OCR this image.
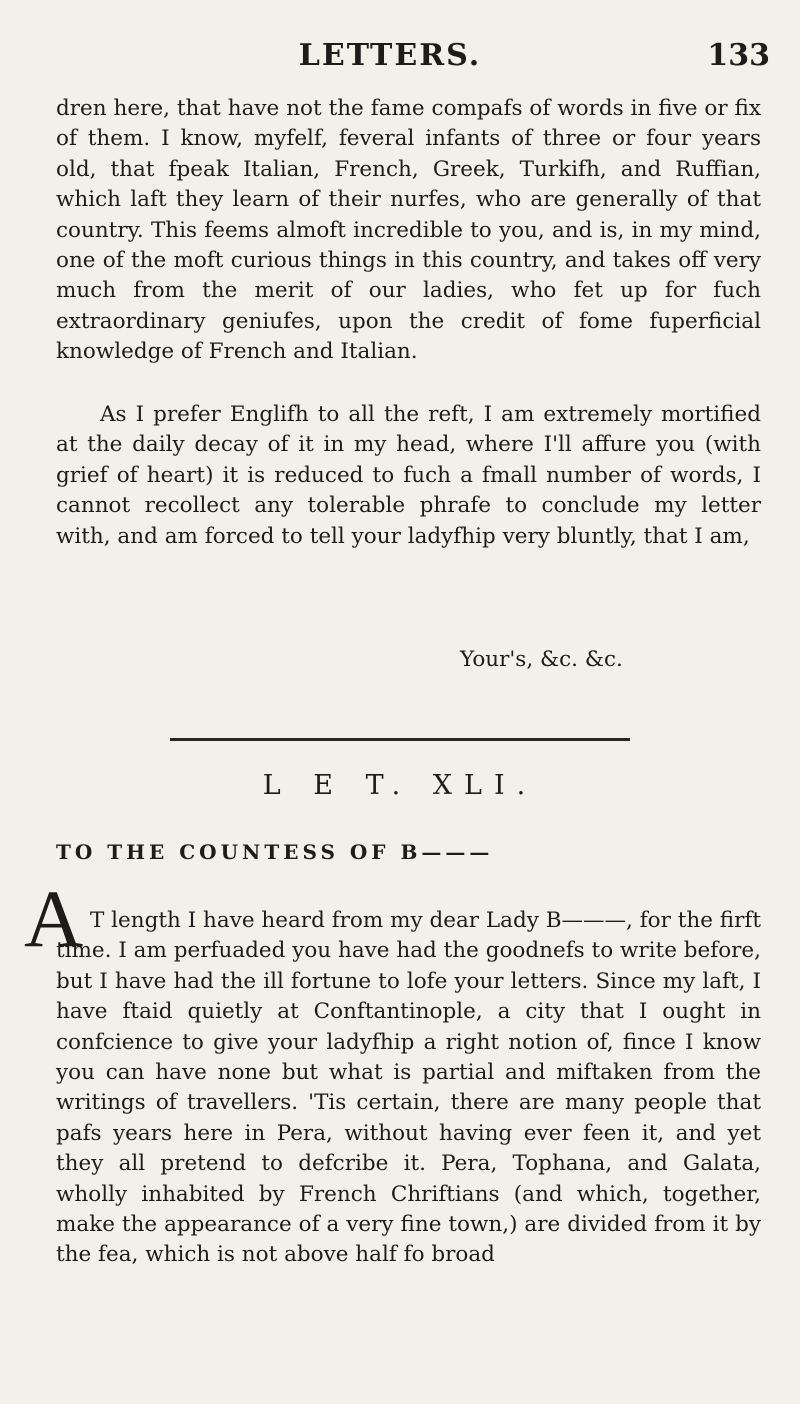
LETTERS.	133

dren here, that have not the fame compafs of words in five or fix of them. I know, myfelf, feveral infants of three or four years old, that fpeak Italian, French, Greek, Turkifh, and Ruffian, which laft they learn of their nurfes, who are generally of that country. This feems almoft incredible to you, and is, in my mind, one of the moft curious things in this country, and takes off very much from the merit of our ladies, who fet up for fuch extraordinary geniufes, upon the credit of fome fuperficial knowledge of French and Italian.

As I prefer Englifh to all the reft, I am extremely mortified at the daily decay of it in my head, where I'll affure you (with grief of heart) it is reduced to fuch a fmall number of words, I cannot recollect any tolerable phrafe to conclude my letter with, and am forced to tell your ladyfhip very bluntly, that I am,

Your's, &c. &c.
L E T. XLI.
TO THE COUNTESS OF B———
A T length I have heard from my dear Lady B———, for the firft time. I am perfuaded you have had the goodnefs to write before, but I have had the ill fortune to lofe your letters. Since my laft, I have ftaid quietly at Conftantinople, a city that I ought in confcience to give your ladyfhip a right notion of, fince I know you can have none but what is partial and miftaken from the writings of travellers. 'Tis certain, there are many people that pafs years here in Pera, without having ever feen it, and yet they all pretend to defcribe it. Pera, Tophana, and Galata, wholly inhabited by French Chriftians (and which, together, make the appearance of a very fine town,) are divided from it by the fea, which is not above half fo broad
